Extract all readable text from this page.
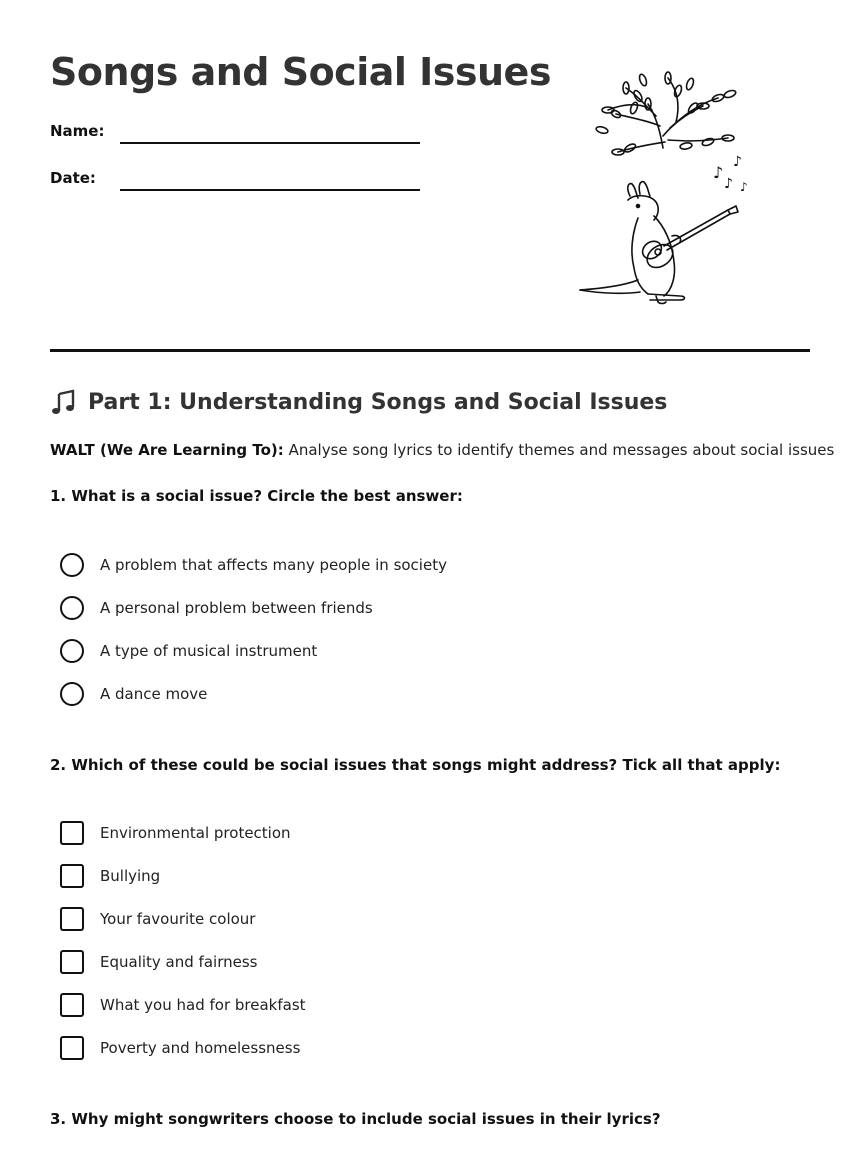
Songs and Social Issues
Name:
Date:	♪
♪
♪ ♪
Part 1: Understanding Songs and Social Issues
WALT (We Are Learning To): Analyse song lyrics to identify themes and messages about social issues
1. What is a social issue? Circle the best answer:
A problem that affects many people in society
A personal problem between friends
A type of musical instrument
A dance move
2. Which of these could be social issues that songs might address? Tick all that apply:
Environmental protection
Bullying
Your favourite colour
Equality and fairness
What you had for breakfast
Poverty and homelessness
3. Why might songwriters choose to include social issues in their lyrics?
